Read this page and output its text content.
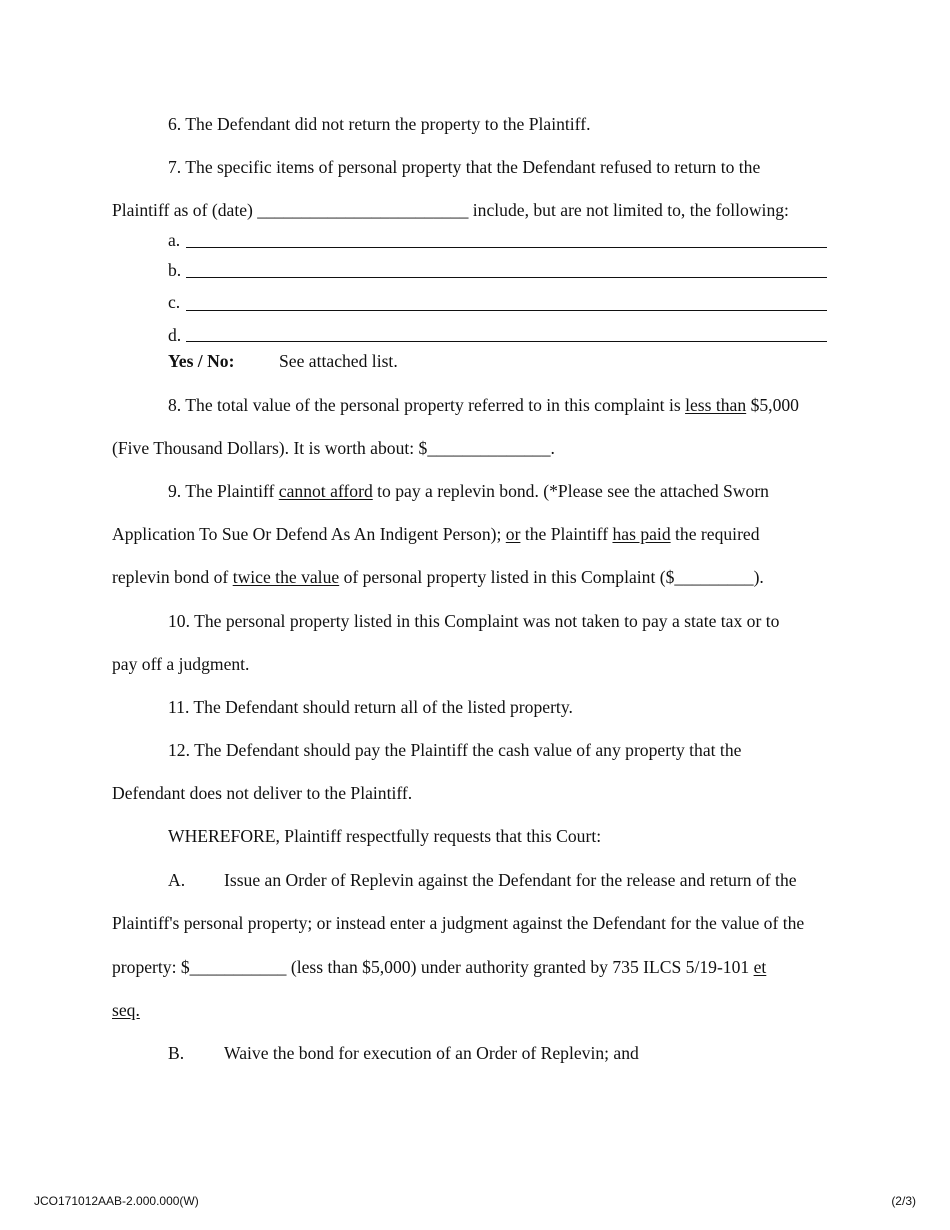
6. The Defendant did not return the property to the Plaintiff.
7. The specific items of personal property that the Defendant refused to return to the
Plaintiff as of (date) ________________________ include, but are not limited to, the following:
a.
b.
c.
d.
Yes / No:	See attached list.
8. The total value of the personal property referred to in this complaint is less than $5,000
(Five Thousand Dollars). It is worth about: $______________.
9. The Plaintiff cannot afford to pay a replevin bond. (*Please see the attached Sworn
Application To Sue Or Defend As An Indigent Person); or the Plaintiff has paid the required
replevin bond of twice the value of personal property listed in this Complaint ($_________).
10. The personal property listed in this Complaint was not taken to pay a state tax or to
pay off a judgment.
11. The Defendant should return all of the listed property.
12. The Defendant should pay the Plaintiff the cash value of any property that the
Defendant does not deliver to the Plaintiff.
WHEREFORE, Plaintiff respectfully requests that this Court:
A. Issue an Order of Replevin against the Defendant for the release and return of the
Plaintiff's personal property; or instead enter a judgment against the Defendant for the value of the
property: $___________ (less than $5,000) under authority granted by 735 ILCS 5/19-101 et
seq.
B. Waive the bond for execution of an Order of Replevin; and
JCO171012AAB-2.000.000(W)	(2/3)
